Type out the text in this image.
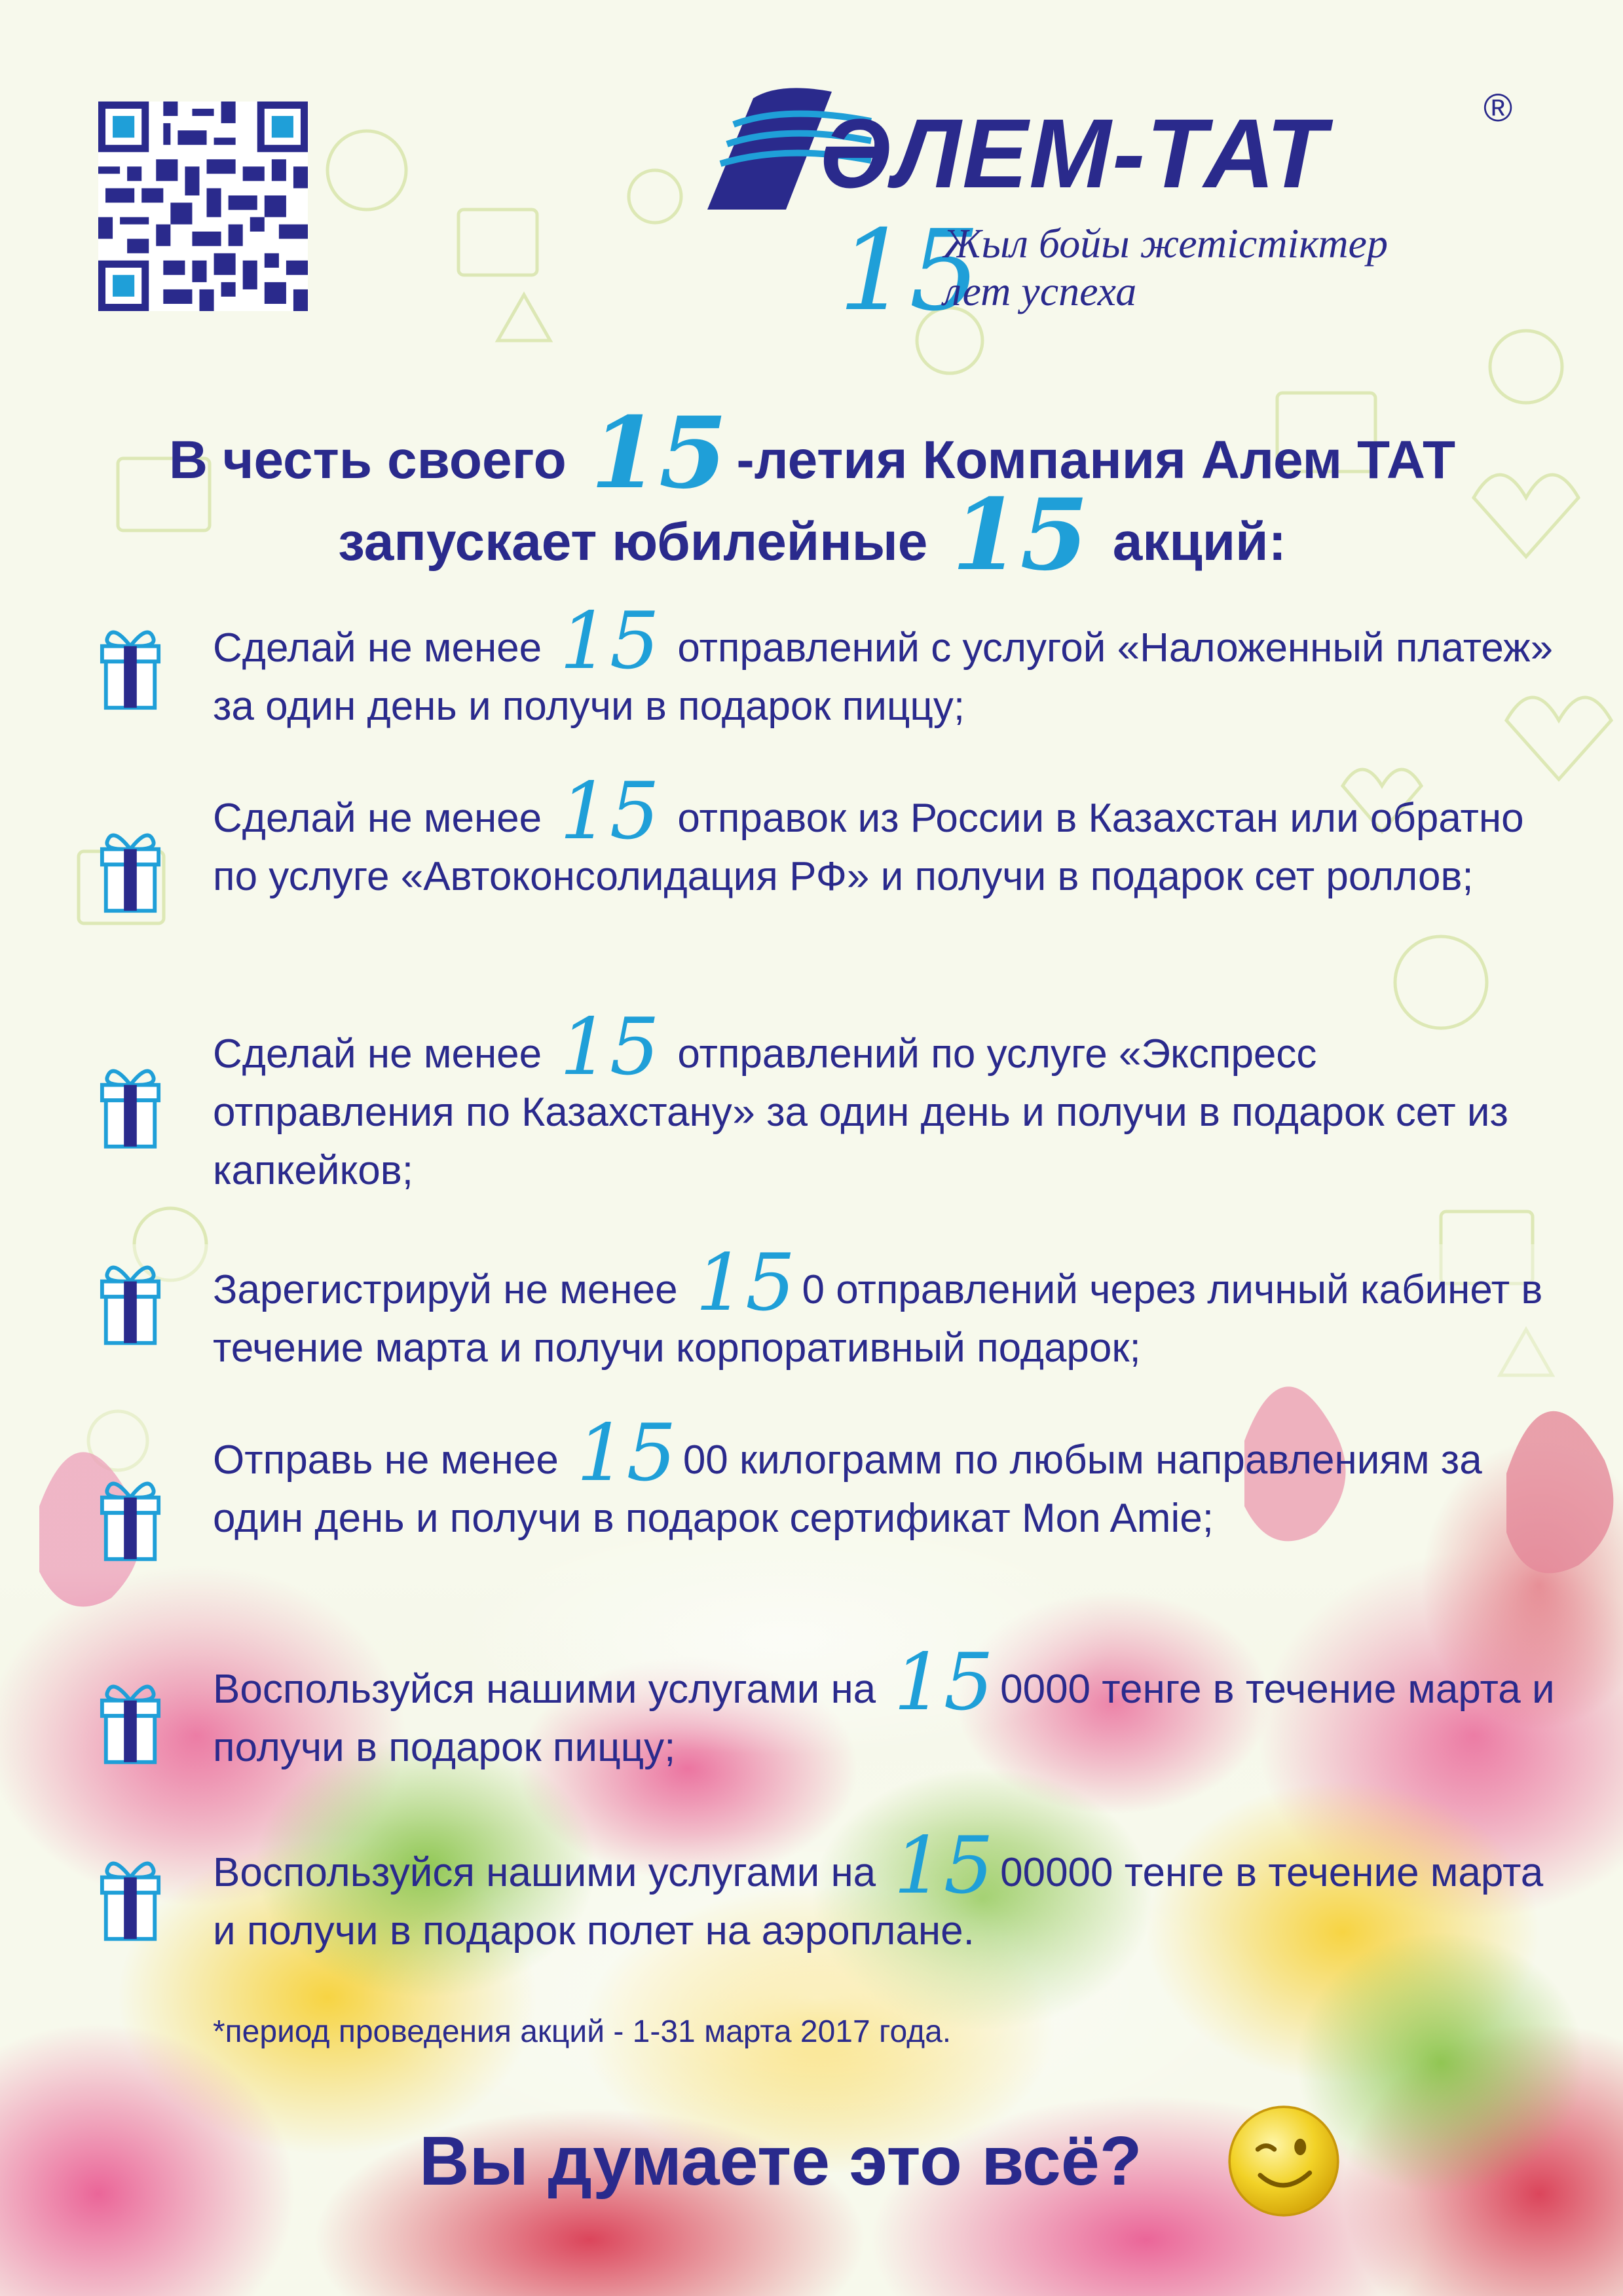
ӘЛЕМ-ТАТ	®
15
Жыл бойы жетістіктер
лет успеха
В честь своего 15 -летия Компания Алем ТАТ
запускает юбилейные 15 акций:
Сделай не менее 15 отправлений с услугой «Наложенный платеж» за один день и получи в подарок пиццу;
Сделай не менее 15 отправок из России в Казахстан или обратно по услуге «Автоконсолидация РФ» и получи в подарок сет роллов;
Сделай не менее 15 отправлений по услуге «Экспресс отправления по Казахстану» за один день и получи в подарок сет из капкейков;
Зарегистрируй не менее 15 0 отправлений через личный кабинет в течение марта и получи корпоративный подарок;
Отправь не менее 15 00 килограмм по любым направлениям за один день и получи в подарок сертификат Mon Amie;
Воспользуйся нашими услугами на 15 0000 тенге в течение марта и получи в подарок пиццу;
Воспользуйся нашими услугами на 15 00000 тенге в течение марта и получи в подарок полет на аэроплане.
*период проведения акций - 1-31 марта 2017 года.
Вы думаете это всё?
